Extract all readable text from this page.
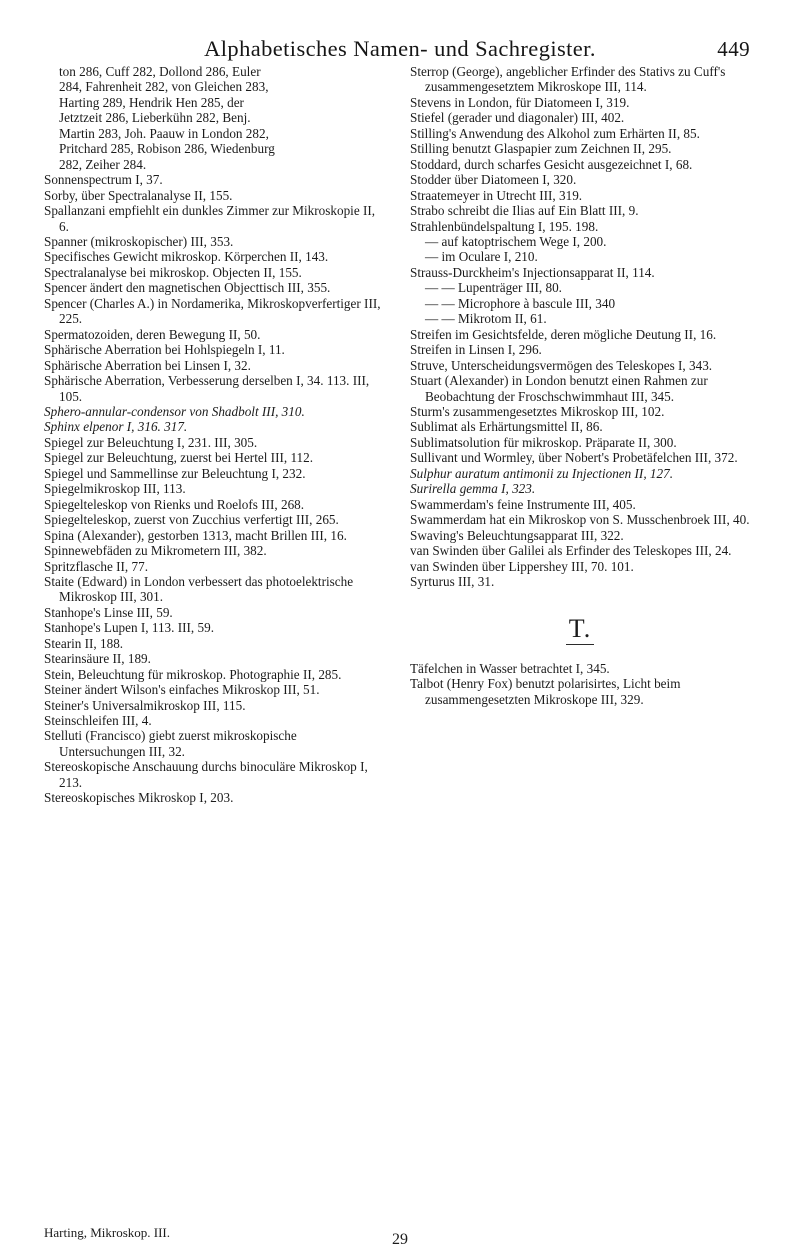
Alphabetisches Namen- und Sachregister.	449

ton 286, Cuff 282, Dollond 286, Euler

284, Fahrenheit 282, von Gleichen 283,

Harting 289, Hendrik Hen 285, der

Jetztzeit 286, Lieberkühn 282, Benj.

Martin 283, Joh. Paauw in London 282,

Pritchard 285, Robison 286, Wiedenburg

282, Zeiher 284.

Sonnenspectrum I, 37.

Sorby, über Spectralanalyse II, 155.

Spallanzani empfiehlt ein dunkles Zimmer zur Mikroskopie II, 6.

Spanner (mikroskopischer) III, 353.

Specifisches Gewicht mikroskop. Körperchen II, 143.

Spectralanalyse bei mikroskop. Objecten II, 155.

Spencer ändert den magnetischen Objecttisch III, 355.

Spencer (Charles A.) in Nordamerika, Mikroskopverfertiger III, 225.

Spermatozoiden, deren Bewegung II, 50.

Sphärische Aberration bei Hohlspiegeln I, 11.

Sphärische Aberration bei Linsen I, 32.

Sphärische Aberration, Verbesserung derselben I, 34. 113. III, 105.

Sphero-annular-condensor von Shadbolt III, 310.

Sphinx elpenor I, 316. 317.

Spiegel zur Beleuchtung I, 231. III, 305.

Spiegel zur Beleuchtung, zuerst bei Hertel III, 112.

Spiegel und Sammellinse zur Beleuchtung I, 232.

Spiegelmikroskop III, 113.

Spiegelteleskop von Rienks und Roelofs III, 268.

Spiegelteleskop, zuerst von Zucchius verfertigt III, 265.

Spina (Alexander), gestorben 1313, macht Brillen III, 16.

Spinnewebfäden zu Mikrometern III, 382.

Spritzflasche II, 77.

Staite (Edward) in London verbessert das photoelektrische Mikroskop III, 301.

Stanhope's Linse III, 59.

Stanhope's Lupen I, 113. III, 59.

Stearin II, 188.

Stearinsäure II, 189.

Stein, Beleuchtung für mikroskop. Photographie II, 285.

Steiner ändert Wilson's einfaches Mikroskop III, 51.

Steiner's Universalmikroskop III, 115.

Steinschleifen III, 4.

Stelluti (Francisco) giebt zuerst mikroskopische Untersuchungen III, 32.

Stereoskopische Anschauung durchs binoculäre Mikroskop I, 213.

Stereoskopisches Mikroskop I, 203.

Sterrop (George), angeblicher Erfinder des Stativs zu Cuff's zusammengesetztem Mikroskope III, 114.

Stevens in London, für Diatomeen I, 319.

Stiefel (gerader und diagonaler) III, 402.

Stilling's Anwendung des Alkohol zum Erhärten II, 85.

Stilling benutzt Glaspapier zum Zeichnen II, 295.

Stoddard, durch scharfes Gesicht ausgezeichnet I, 68.

Stodder über Diatomeen I, 320.

Straatemeyer in Utrecht III, 319.

Strabo schreibt die Ilias auf Ein Blatt III, 9.

Strahlenbündelspaltung I, 195. 198.

— auf katoptrischem Wege I, 200.

— im Oculare I, 210.

Strauss-Durckheim's Injectionsapparat II, 114.

— — Lupenträger III, 80.

— — Microphore à bascule III, 340

— — Mikrotom II, 61.

Streifen im Gesichtsfelde, deren mögliche Deutung II, 16.

Streifen in Linsen I, 296.

Struve, Unterscheidungsvermögen des Teleskopes I, 343.

Stuart (Alexander) in London benutzt einen Rahmen zur Beobachtung der Froschschwimmhaut III, 345.

Sturm's zusammengesetztes Mikroskop III, 102.

Sublimat als Erhärtungsmittel II, 86.

Sublimatsolution für mikroskop. Präparate II, 300.

Sullivant und Wormley, über Nobert's Probetäfelchen III, 372.

Sulphur auratum antimonii zu Injectionen II, 127.

Surirella gemma I, 323.

Swammerdam's feine Instrumente III, 405.

Swammerdam hat ein Mikroskop von S. Musschenbroek III, 40.

Swaving's Beleuchtungsapparat III, 322.

van Swinden über Galilei als Erfinder des Teleskopes III, 24.

van Swinden über Lippershey III, 70. 101.

Syrturus III, 31.

T.

Täfelchen in Wasser betrachtet I, 345.

Talbot (Henry Fox) benutzt polarisirtes, Licht beim zusammengesetzten Mikroskope III, 329.

Harting, Mikroskop. III.	29
